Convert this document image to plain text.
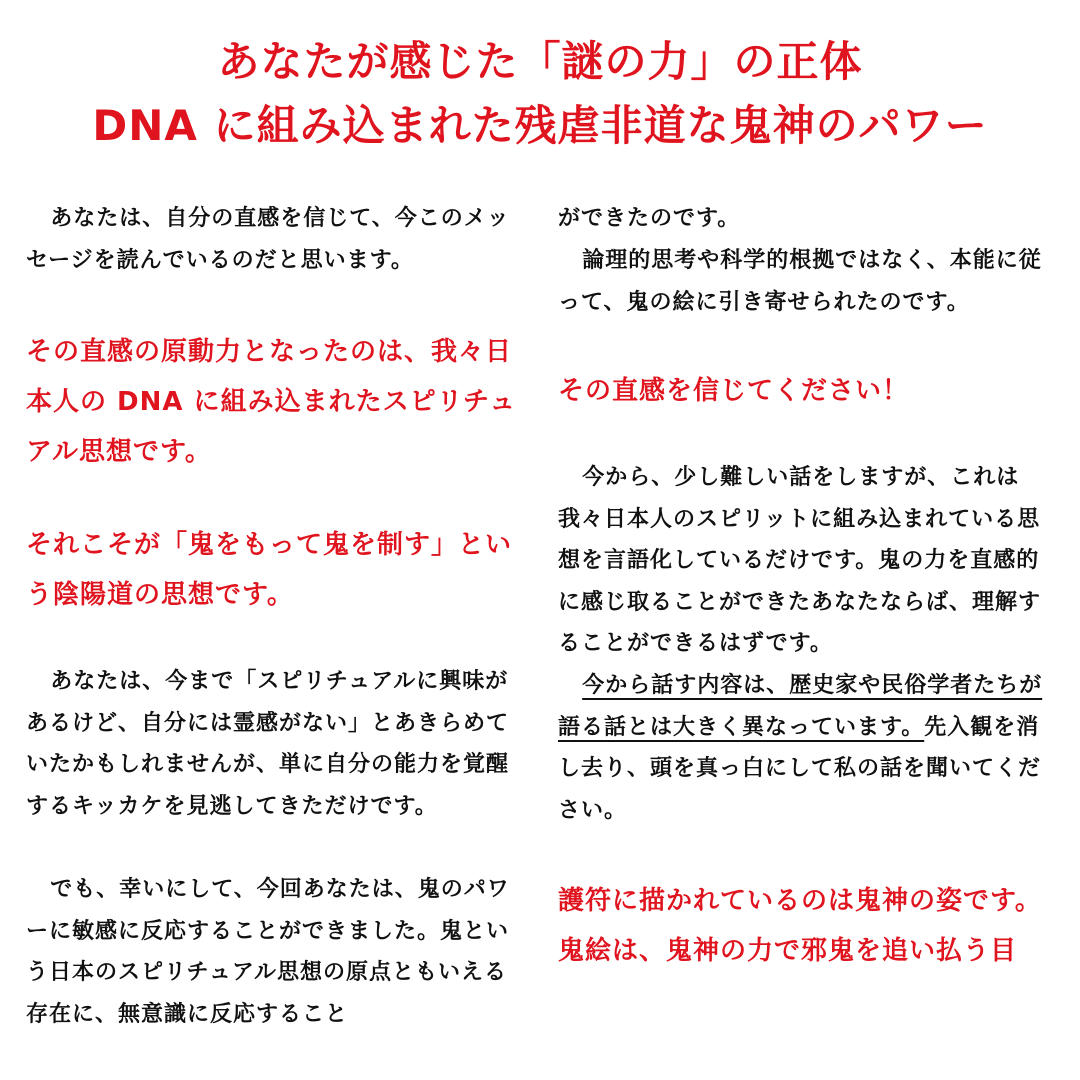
あなたが感じた「謎の力」の正体
DNA に組み込まれた残虐非道な鬼神のパワー

あなたは、自分の直感を信じて、今このメッセージを読んでいるのだと思います。

その直感の原動力となったのは、我々日本人の DNA に組み込まれたスピリチュアル思想です。

それこそが「鬼をもって鬼を制す」という陰陽道の思想です。

あなたは、今まで「スピリチュアルに興味があるけど、自分には霊感がない」とあきらめていたかもしれませんが、単に自分の能力を覚醒するキッカケを見逃してきただけです。

でも、幸いにして、今回あなたは、鬼のパワーに敏感に反応することができました。鬼という日本のスピリチュアル思想の原点ともいえる存在に、無意識に反応すること

ができたのです。

論理的思考や科学的根拠ではなく、本能に従って、鬼の絵に引き寄せられたのです。

その直感を信じてください！

今から、少し難しい話をしますが、これは我々日本人のスピリットに組み込まれている思想を言語化しているだけです。鬼の力を直感的に感じ取ることができたあなたならば、理解することができるはずです。

今から話す内容は、歴史家や民俗学者たちが語る話とは大きく異なっています。先入観を消し去り、頭を真っ白にして私の話を聞いてください。

護符に描かれているのは鬼神の姿です。

鬼絵は、鬼神の力で邪鬼を追い払う目
